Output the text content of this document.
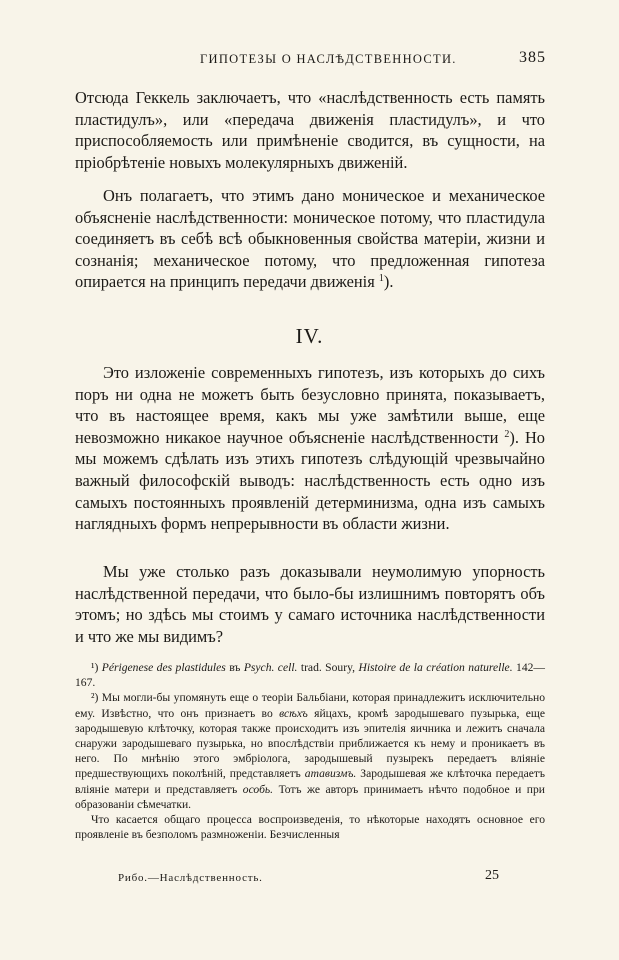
ГИПОТЕЗЫ О НАСЛѢДСТВЕННОСТИ.	385

Отсюда Геккель заключаетъ, что «наслѣдственность есть память пластидулъ», или «передача движенія пластидулъ», и что приспособляемость или примѣненіе сводится, въ сущности, на пріобрѣтеніе новыхъ молекулярныхъ движеній.

Онъ полагаетъ, что этимъ дано моническое и механическое объясненіе наслѣдственности: моническое потому, что пластидула соединяетъ въ себѣ всѣ обыкновенныя свойства матеріи, жизни и сознанія; механическое потому, что предложенная гипотеза опирается на принципъ передачи движенія $^1$).

IV.

Это изложеніе современныхъ гипотезъ, изъ которыхъ до сихъ поръ ни одна не можетъ быть безусловно принята, показываетъ, что въ настоящее время, какъ мы уже замѣтили выше, еще невозможно никакое научное объясненіе наслѣдственности $^2$). Но мы можемъ сдѣлать изъ этихъ гипотезъ слѣдующій чрезвычайно важный философскій выводъ: наслѣдственность есть одно изъ самыхъ постоянныхъ проявленій детерминизма, одна изъ самыхъ наглядныхъ формъ непрерывности въ области жизни.

Мы уже столько разъ доказывали неумолимую упорность наслѣдственной передачи, что было-бы излишнимъ повторятъ объ этомъ; но здѣсь мы стоимъ у самаго источника наслѣдственности и что же мы видимъ?

¹) Périgenese des plastidules въ Psych. cell. trad. Soury, Histoire de la création naturelle. 142—167.

²) Мы могли-бы упомянуть еще о теоріи Бальбіани, которая принадлежитъ исключительно ему. Извѣстно, что онъ признаетъ во всѣхъ яйцахъ, кромѣ зародышеваго пузырька, еще зародышевую клѣточку, которая также происходитъ изъ эпителія яичника и лежитъ сначала снаружи зародышеваго пузырька, но впослѣдствіи приближается къ нему и проникаетъ въ него. По мнѣнію этого эмбріолога, зародышевый пузырекъ передаетъ вліяніе предшествующихъ поколѣній, представляетъ атавизмъ. Зародышевая же клѣточка передаетъ вліяніе матери и представляетъ особь. Тотъ же авторъ принимаетъ нѣчто подобное и при образованіи сѣмечатки.

Что касается общаго процесса воспроизведенія, то нѣкоторые находятъ основное его проявленіе въ безполомъ размноженіи. Безчисленныя

Рибо.—Наслѣдственность.	25
